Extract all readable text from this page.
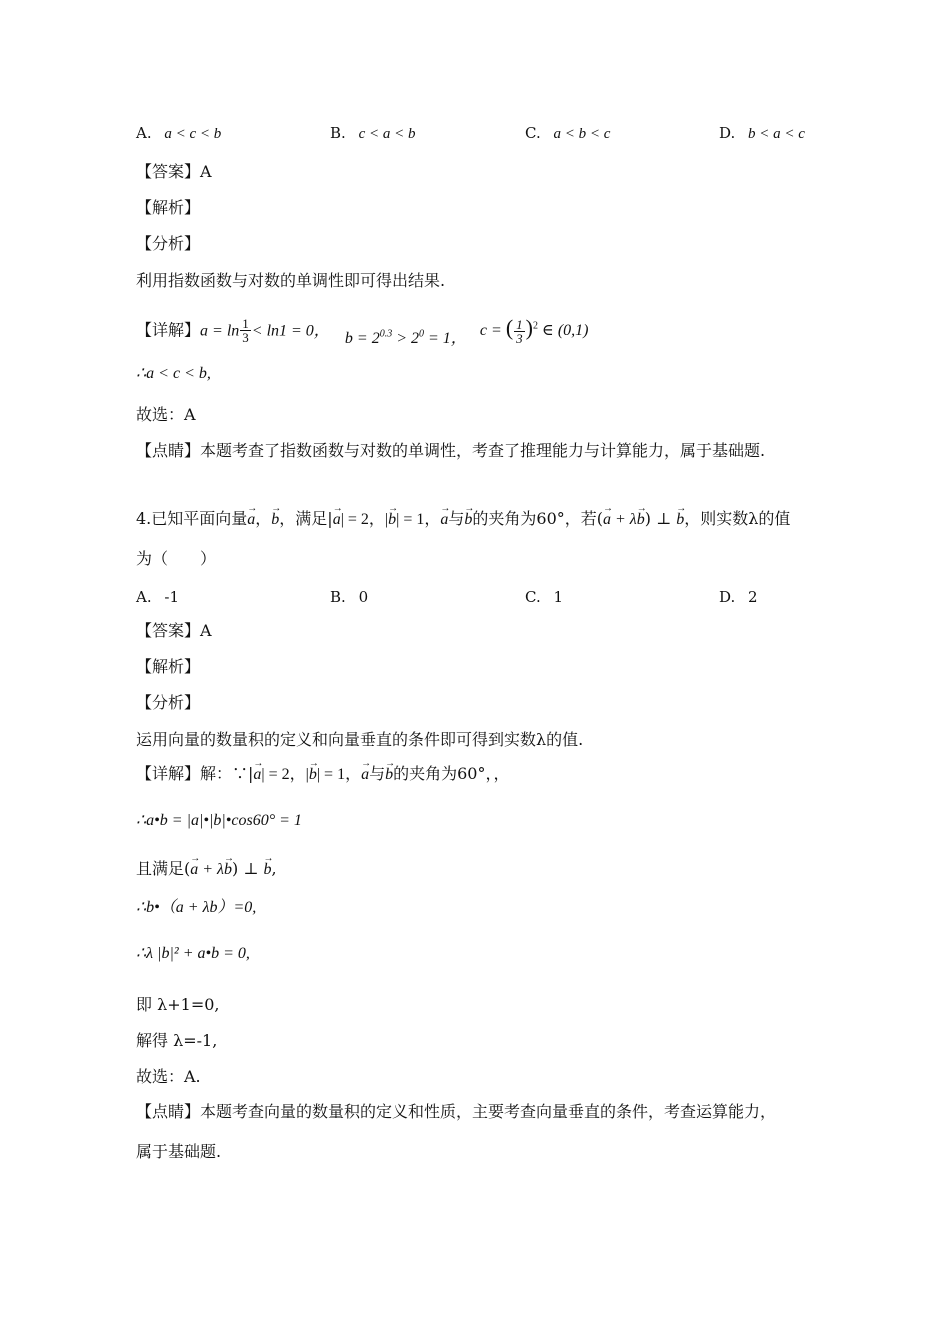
A. a < c < b	B. c < a < b	C. a < b < c	D. b < a < c
【答案】A
【解析】
【分析】
利用指数函数与对数的单调性即可得出结果.
【详解】$a = \ln \frac{1}{3} < \ln 1 = 0$， $b = 2^{0.3} > 2^0 = 1$， c = ( $\frac{1}{3} )^2$ ∈ (0,1)
∴a < c < b,
故选：A
【点睛】本题考查了指数函数与对数的单调性，考查了推理能力与计算能力，属于基础题.
4.已知平面向量→ a，→ b，满足|→ a| = 2，|→ b| = 1，→ a与→ b的夹角为60°，若(→ a + λ→ b) ⊥ → b，则实数λ的值
为（　　）
A. -1	B. 0	C. 1	D. 2
【答案】A
【解析】
【分析】
运用向量的数量积的定义和向量垂直的条件即可得到实数λ的值.
【详解】解：∵|→ a| = 2，|→ b| = 1，→ a与→ b的夹角为60°，，
∴a•b = |a|•|b|•cos60° = 1
且满足(→ a + λ→ b) ⊥ → b,
∴b•（a + λb）=0,
∴λ |b|² + a•b = 0,
即 λ+1=0,
解得 λ=-1,
故选：A.
【点睛】本题考查向量的数量积的定义和性质，主要考查向量垂直的条件，考查运算能力，
属于基础题.
